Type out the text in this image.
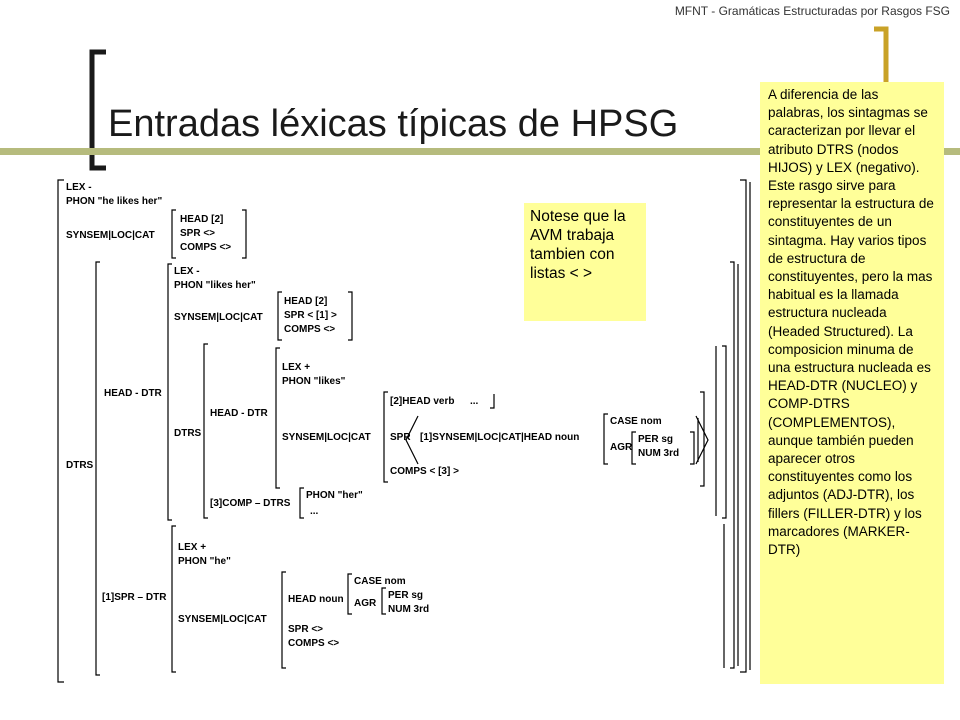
MFNT - Gramáticas Estructuradas por Rasgos FSG
Entradas léxicas típicas de HPSG
LEX -
PHON "he likes her"
SYNSEM|LOC|CAT
HEAD [2]
SPR <>
COMPS <>
DTRS
HEAD - DTR
LEX -
PHON "likes her"
SYNSEM|LOC|CAT
HEAD [2]
SPR < [1] >
COMPS <>
DTRS
HEAD - DTR
LEX +
PHON "likes"
SYNSEM|LOC|CAT
[2]HEAD verb ...
SPR [1]SYNSEM|LOC|CAT|HEAD noun
CASE nom
AGR
PER sg
NUM 3rd
COMPS < [3] >
[3]COMP – DTRS
PHON "her"
...
[1]SPR – DTR
LEX +
PHON "he"
SYNSEM|LOC|CAT
HEAD noun
CASE nom
AGR
PER sg
NUM 3rd
SPR <>
COMPS <>
Notese que la AVM trabaja tambien con listas < >
A diferencia de las palabras, los sintagmas se caracterizan por llevar el atributo DTRS (nodos HIJOS) y LEX (negativo). Este rasgo sirve para representar la estructura de constituyentes de un sintagma. Hay varios tipos de estructura de constituyentes, pero la mas habitual es la llamada estructura nucleada (Headed Structured). La composicion minuma de una estructura nucleada es HEAD-DTR (NUCLEO) y COMP-DTRS (COMPLEMENTOS), aunque también pueden aparecer otros constituyentes como los adjuntos (ADJ-DTR), los fillers (FILLER-DTR) y los marcadores (MARKER-DTR)
